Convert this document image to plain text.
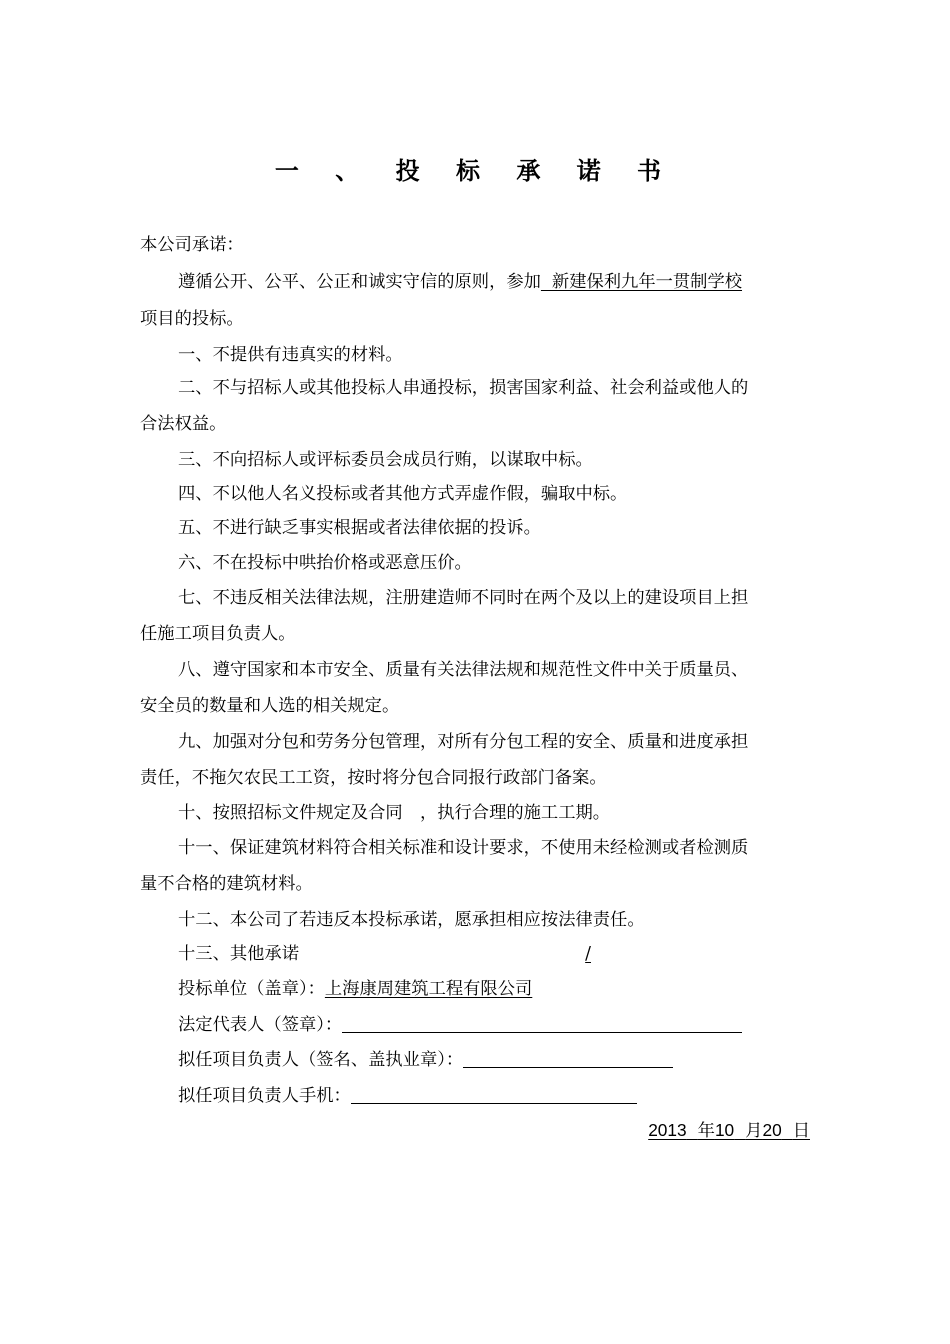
一 、 投 标 承 诺 书
本公司承诺：
遵循公开、公平、公正和诚实守信的原则，参加  新建保利九年一贯制学校
项目的投标。
一、不提供有违真实的材料。
二、不与招标人或其他投标人串通投标，损害国家利益、社会利益或他人的
合法权益。
三、不向招标人或评标委员会成员行贿，以谋取中标。
四、不以他人名义投标或者其他方式弄虚作假，骗取中标。
五、不进行缺乏事实根据或者法律依据的投诉。
六、不在投标中哄抬价格或恶意压价。
七、不违反相关法律法规，注册建造师不同时在两个及以上的建设项目上担
任施工项目负责人。
八、遵守国家和本市安全、质量有关法律法规和规范性文件中关于质量员、
安全员的数量和人选的相关规定。
九、加强对分包和劳务分包管理，对所有分包工程的安全、质量和进度承担
责任，不拖欠农民工工资，按时将分包合同报行政部门备案。
十、按照招标文件规定及合同　，执行合理的施工工期。
十一、保证建筑材料符合相关标准和设计要求，不使用未经检测或者检测质
量不合格的建筑材料。
十二、本公司了若违反本投标承诺，愿承担相应按法律责任。
十三、其他承诺	/
投标单位（盖章）：上海康周建筑工程有限公司
法定代表人（签章）：
拟任项目负责人（签名、盖执业章）：
拟任项目负责人手机：
2013 年10 月20 日
